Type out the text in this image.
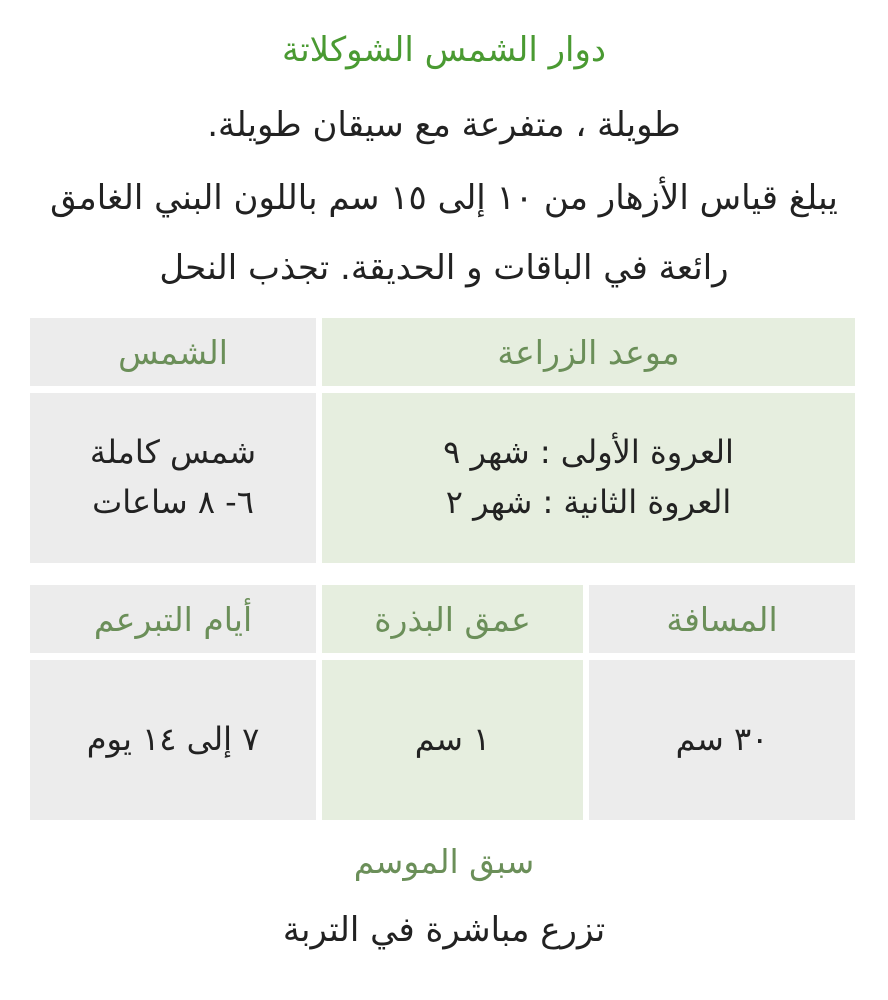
دوار الشمس الشوكلاتة
طويلة ، متفرعة مع سيقان طويلة.
يبلغ قياس الأزهار من ١٠ إلى ١٥ سم باللون البني الغامق
رائعة في الباقات و الحديقة. تجذب النحل
موعد الزراعة
الشمس
العروة الأولى : شهر ٩
العروة الثانية : شهر ٢
شمس كاملة
٦- ٨ ساعات
المسافة
عمق البذرة
أيام التبرعم
٣٠ سم
١ سم
٧ إلى ١٤ يوم
سبق الموسم
تزرع مباشرة في التربة
